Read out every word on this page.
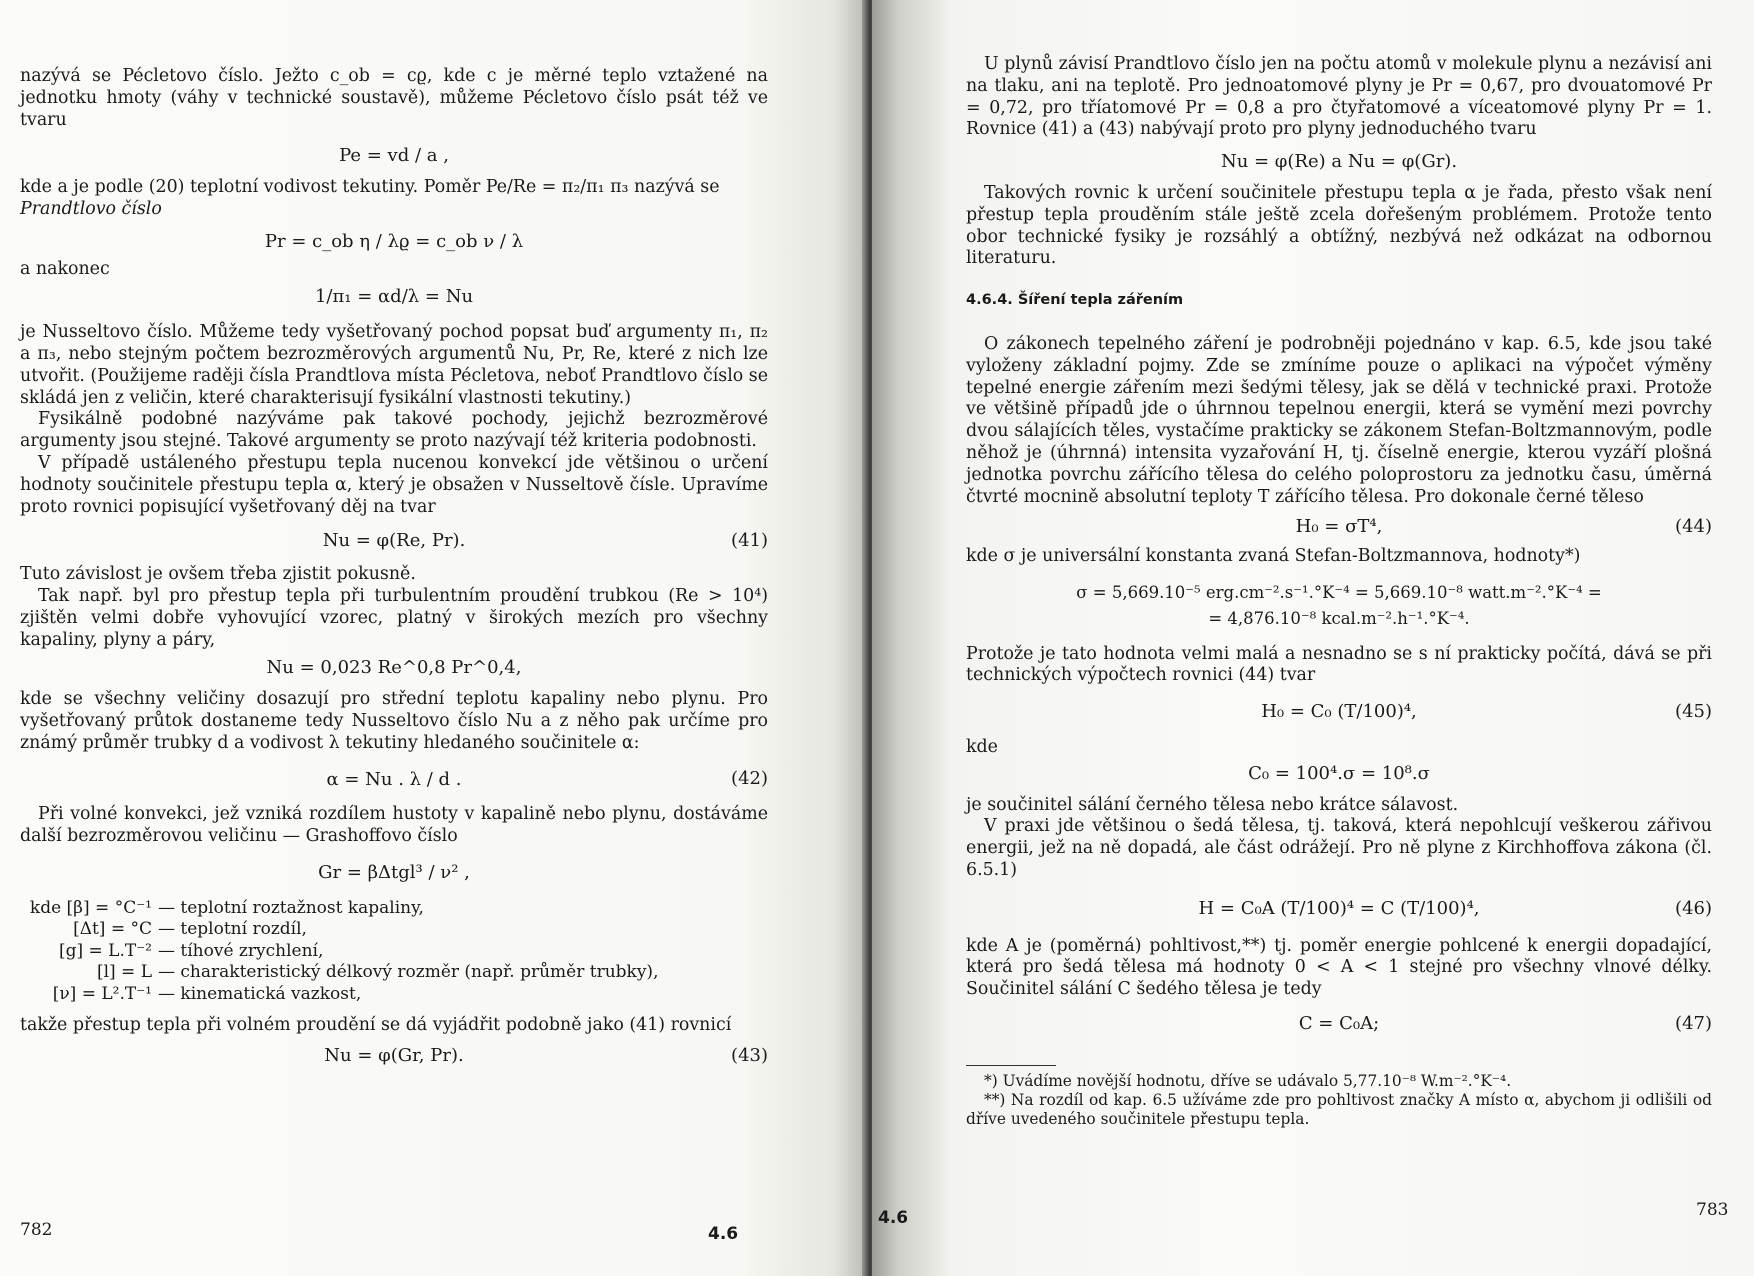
nazývá se Pécletovo číslo. Ježto c_ob = cϱ, kde c je měrné teplo vztažené na jednotku hmoty (váhy v technické soustavě), můžeme Pécletovo číslo psát též ve tvaru

Pe = vd / a ,

kde a je podle (20) teplotní vodivost tekutiny. Poměr Pe/Re = π₂/π₁ π₃ nazývá se

Prandtlovo číslo

Pr = c_ob η / λϱ = c_ob ν / λ

a nakonec

1/π₁ = αd/λ = Nu

je Nusseltovo číslo. Můžeme tedy vyšetřovaný pochod popsat buď argumenty π₁, π₂ a π₃, nebo stejným počtem bezrozměrových argumentů Nu, Pr, Re, které z nich lze utvořit. (Použijeme raději čísla Prandtlova místa Pécletova, neboť Prandtlovo číslo se skládá jen z veličin, které charakterisují fysikální vlastnosti tekutiny.)

Fysikálně podobné nazýváme pak takové pochody, jejichž bezrozměrové argumenty jsou stejné. Takové argumenty se proto nazývají též kriteria podobnosti.

V případě ustáleného přestupu tepla nucenou konvekcí jde většinou o určení hodnoty součinitele přestupu tepla α, který je obsažen v Nusseltově čísle. Upravíme proto rovnici popisující vyšetřovaný děj na tvar

Nu = φ(Re, Pr).	(41)

Tuto závislost je ovšem třeba zjistit pokusně.

Tak např. byl pro přestup tepla při turbulentním proudění trubkou (Re > 10⁴) zjištěn velmi dobře vyhovující vzorec, platný v širokých mezích pro všechny kapaliny, plyny a páry,

Nu = 0,023 Re^0,8 Pr^0,4,

kde se všechny veličiny dosazují pro střední teplotu kapaliny nebo plynu. Pro vyšetřovaný průtok dostaneme tedy Nusseltovo číslo Nu a z něho pak určíme pro známý průměr trubky d a vodivost λ tekutiny hledaného součinitele α:

α = Nu . λ / d .	(42)

Při volné konvekci, jež vzniká rozdílem hustoty v kapalině nebo plynu, dostáváme další bezrozměrovou veličinu — Grashoffovo číslo

Gr = βΔtgl³ / ν² ,
kde [β] = °C⁻¹ — teplotní roztažnost kapaliny,
[Δt] = °C — teplotní rozdíl,
[g] = L.T⁻² — tíhové zrychlení,
[l] = L — charakteristický délkový rozměr (např. průměr trubky),
[ν] = L².T⁻¹ — kinematická vazkost,

takže přestup tepla při volném proudění se dá vyjádřit podobně jako (41) rovnicí

Nu = φ(Gr, Pr).	(43)
782	4.6

U plynů závisí Prandtlovo číslo jen na počtu atomů v molekule plynu a nezávisí ani na tlaku, ani na teplotě. Pro jednoatomové plyny je Pr = 0,67, pro dvouatomové Pr = 0,72, pro tříatomové Pr = 0,8 a pro čtyřatomové a víceatomové plyny Pr = 1. Rovnice (41) a (43) nabývají proto pro plyny jednoduchého tvaru

Nu = φ(Re) a Nu = φ(Gr).

Takových rovnic k určení součinitele přestupu tepla α je řada, přesto však není přestup tepla prouděním stále ještě zcela dořešeným problémem. Protože tento obor technické fysiky je rozsáhlý a obtížný, nezbývá než odkázat na odbornou literaturu.

4.6.4. Šíření tepla zářením

O zákonech tepelného záření je podrobněji pojednáno v kap. 6.5, kde jsou také vyloženy základní pojmy. Zde se zmíníme pouze o aplikaci na výpočet výměny tepelné energie zářením mezi šedými tělesy, jak se dělá v technické praxi. Protože ve většině případů jde o úhrnnou tepelnou energii, která se vymění mezi povrchy dvou sálajících těles, vystačíme prakticky se zákonem Stefan-Boltzmannovým, podle něhož je (úhrnná) intensita vyzařování H, tj. číselně energie, kterou vyzáří plošná jednotka povrchu zářícího tělesa do celého poloprostoru za jednotku času, úměrná čtvrté mocnině absolutní teploty T zářícího tělesa. Pro dokonale černé těleso

H₀ = σT⁴,	(44)

kde σ je universální konstanta zvaná Stefan-Boltzmannova, hodnoty*)

σ = 5,669.10⁻⁵ erg.cm⁻².s⁻¹.°K⁻⁴ = 5,669.10⁻⁸ watt.m⁻².°K⁻⁴ =
= 4,876.10⁻⁸ kcal.m⁻².h⁻¹.°K⁻⁴.

Protože je tato hodnota velmi malá a nesnadno se s ní prakticky počítá, dává se při technických výpočtech rovnici (44) tvar

H₀ = C₀ (T/100)⁴,	(45)

kde

C₀ = 100⁴.σ = 10⁸.σ

je součinitel sálání černého tělesa nebo krátce sálavost.

V praxi jde většinou o šedá tělesa, tj. taková, která nepohlcují veškerou zářivou energii, jež na ně dopadá, ale část odrážejí. Pro ně plyne z Kirchhoffova zákona (čl. 6.5.1)

H = C₀A (T/100)⁴ = C (T/100)⁴,	(46)

kde A je (poměrná) pohltivost,**) tj. poměr energie pohlcené k energii dopadající, která pro šedá tělesa má hodnoty 0 < A < 1 stejné pro všechny vlnové délky. Součinitel sálání C šedého tělesa je tedy

C = C₀A;	(47)

*) Uvádíme novější hodnotu, dříve se udávalo 5,77.10⁻⁸ W.m⁻².°K⁻⁴.

**) Na rozdíl od kap. 6.5 užíváme zde pro pohltivost značky A místo α, abychom ji odlišili od dříve uvedeného součinitele přestupu tepla.

4.6	783
